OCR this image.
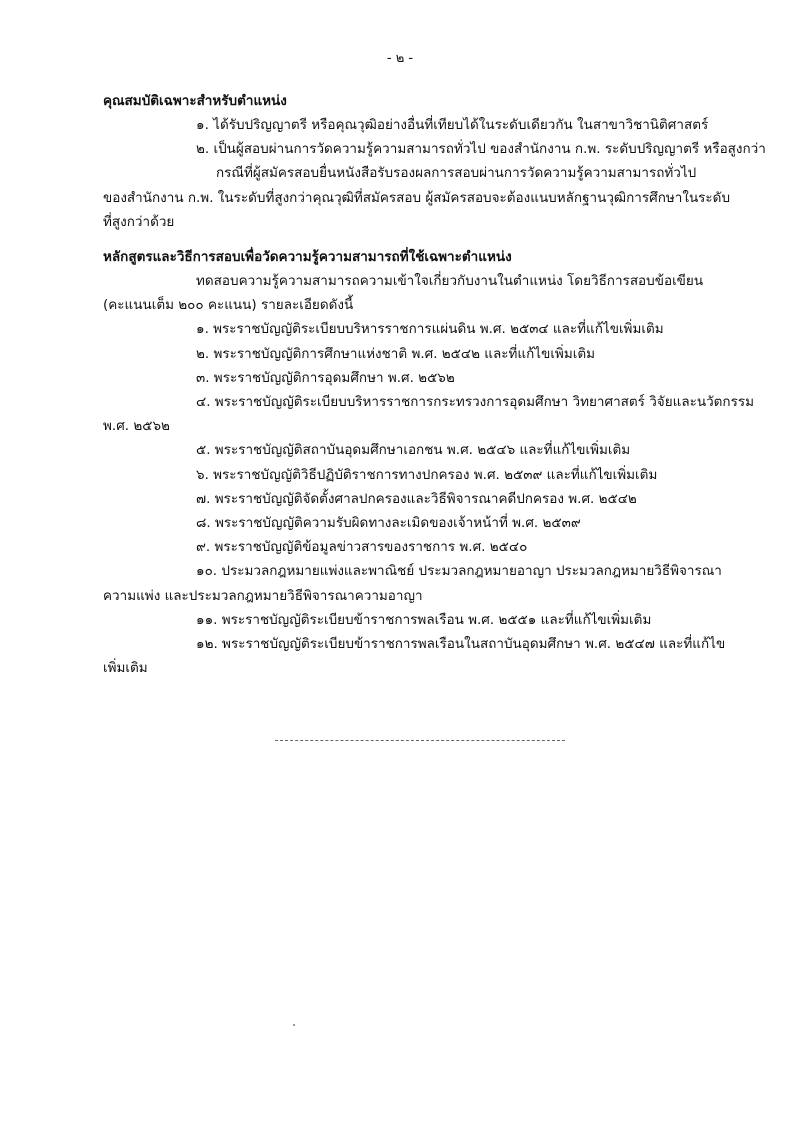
- ๒ -
คุณสมบัติเฉพาะสำหรับตำแหน่ง
๑. ได้รับปริญญาตรี หรือคุณวุฒิอย่างอื่นที่เทียบได้ในระดับเดียวกัน ในสาขาวิชานิติศาสตร์
๒. เป็นผู้สอบผ่านการวัดความรู้ความสามารถทั่วไป ของสำนักงาน ก.พ. ระดับปริญญาตรี หรือสูงกว่า
กรณีที่ผู้สมัครสอบยื่นหนังสือรับรองผลการสอบผ่านการวัดความรู้ความสามารถทั่วไป
ของสำนักงาน ก.พ. ในระดับที่สูงกว่าคุณวุฒิที่สมัครสอบ ผู้สมัครสอบจะต้องแนบหลักฐานวุฒิการศึกษาในระดับ
ที่สูงกว่าด้วย
หลักสูตรและวิธีการสอบเพื่อวัดความรู้ความสามารถที่ใช้เฉพาะตำแหน่ง
ทดสอบความรู้ความสามารถความเข้าใจเกี่ยวกับงานในตำแหน่ง โดยวิธีการสอบข้อเขียน
(คะแนนเต็ม ๒๐๐ คะแนน) รายละเอียดดังนี้
๑. พระราชบัญญัติระเบียบบริหารราชการแผ่นดิน พ.ศ. ๒๕๓๔ และที่แก้ไขเพิ่มเติม
๒. พระราชบัญญัติการศึกษาแห่งชาติ พ.ศ. ๒๕๔๒ และที่แก้ไขเพิ่มเติม
๓. พระราชบัญญัติการอุดมศึกษา พ.ศ. ๒๕๖๒
๔. พระราชบัญญัติระเบียบบริหารราชการกระทรวงการอุดมศึกษา วิทยาศาสตร์ วิจัยและนวัตกรรม
พ.ศ. ๒๕๖๒
๕. พระราชบัญญัติสถาบันอุดมศึกษาเอกชน พ.ศ. ๒๕๔๖ และที่แก้ไขเพิ่มเติม
๖. พระราชบัญญัติวิธีปฏิบัติราชการทางปกครอง พ.ศ. ๒๕๓๙ และที่แก้ไขเพิ่มเติม
๗. พระราชบัญญัติจัดตั้งศาลปกครองและวิธีพิจารณาคดีปกครอง พ.ศ. ๒๕๔๒
๘. พระราชบัญญัติความรับผิดทางละเมิดของเจ้าหน้าที่ พ.ศ. ๒๕๓๙
๙. พระราชบัญญัติข้อมูลข่าวสารของราชการ พ.ศ. ๒๕๔๐
๑๐. ประมวลกฎหมายแพ่งและพาณิชย์ ประมวลกฎหมายอาญา ประมวลกฎหมายวิธีพิจารณา
ความแพ่ง และประมวลกฎหมายวิธีพิจารณาความอาญา
๑๑. พระราชบัญญัติระเบียบข้าราชการพลเรือน พ.ศ. ๒๕๕๑ และที่แก้ไขเพิ่มเติม
๑๒. พระราชบัญญัติระเบียบข้าราชการพลเรือนในสถาบันอุดมศึกษา พ.ศ. ๒๕๔๗ และที่แก้ไข
เพิ่มเติม
